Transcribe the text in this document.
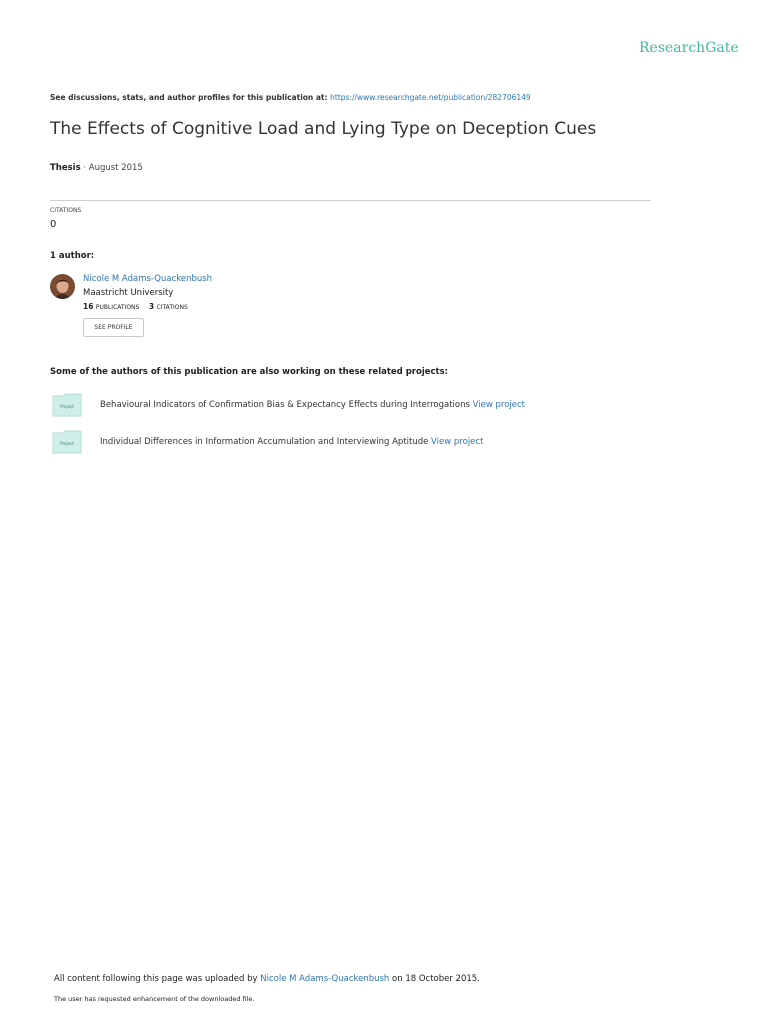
ResearchGate
See discussions, stats, and author profiles for this publication at: https://www.researchgate.net/publication/282706149
The Effects of Cognitive Load and Lying Type on Deception Cues
Thesis · August 2015
CITATIONS
0
1 author:
Nicole M Adams-Quackenbush
Maastricht University
16 PUBLICATIONS 3 CITATIONS
SEE PROFILE
Some of the authors of this publication are also working on these related projects:
Project	Behavioural Indicators of Confirmation Bias & Expectancy Effects during Interrogations View project
Project	Individual Differences in Information Accumulation and Interviewing Aptitude View project
All content following this page was uploaded by Nicole M Adams-Quackenbush on 18 October 2015.
The user has requested enhancement of the downloaded file.
